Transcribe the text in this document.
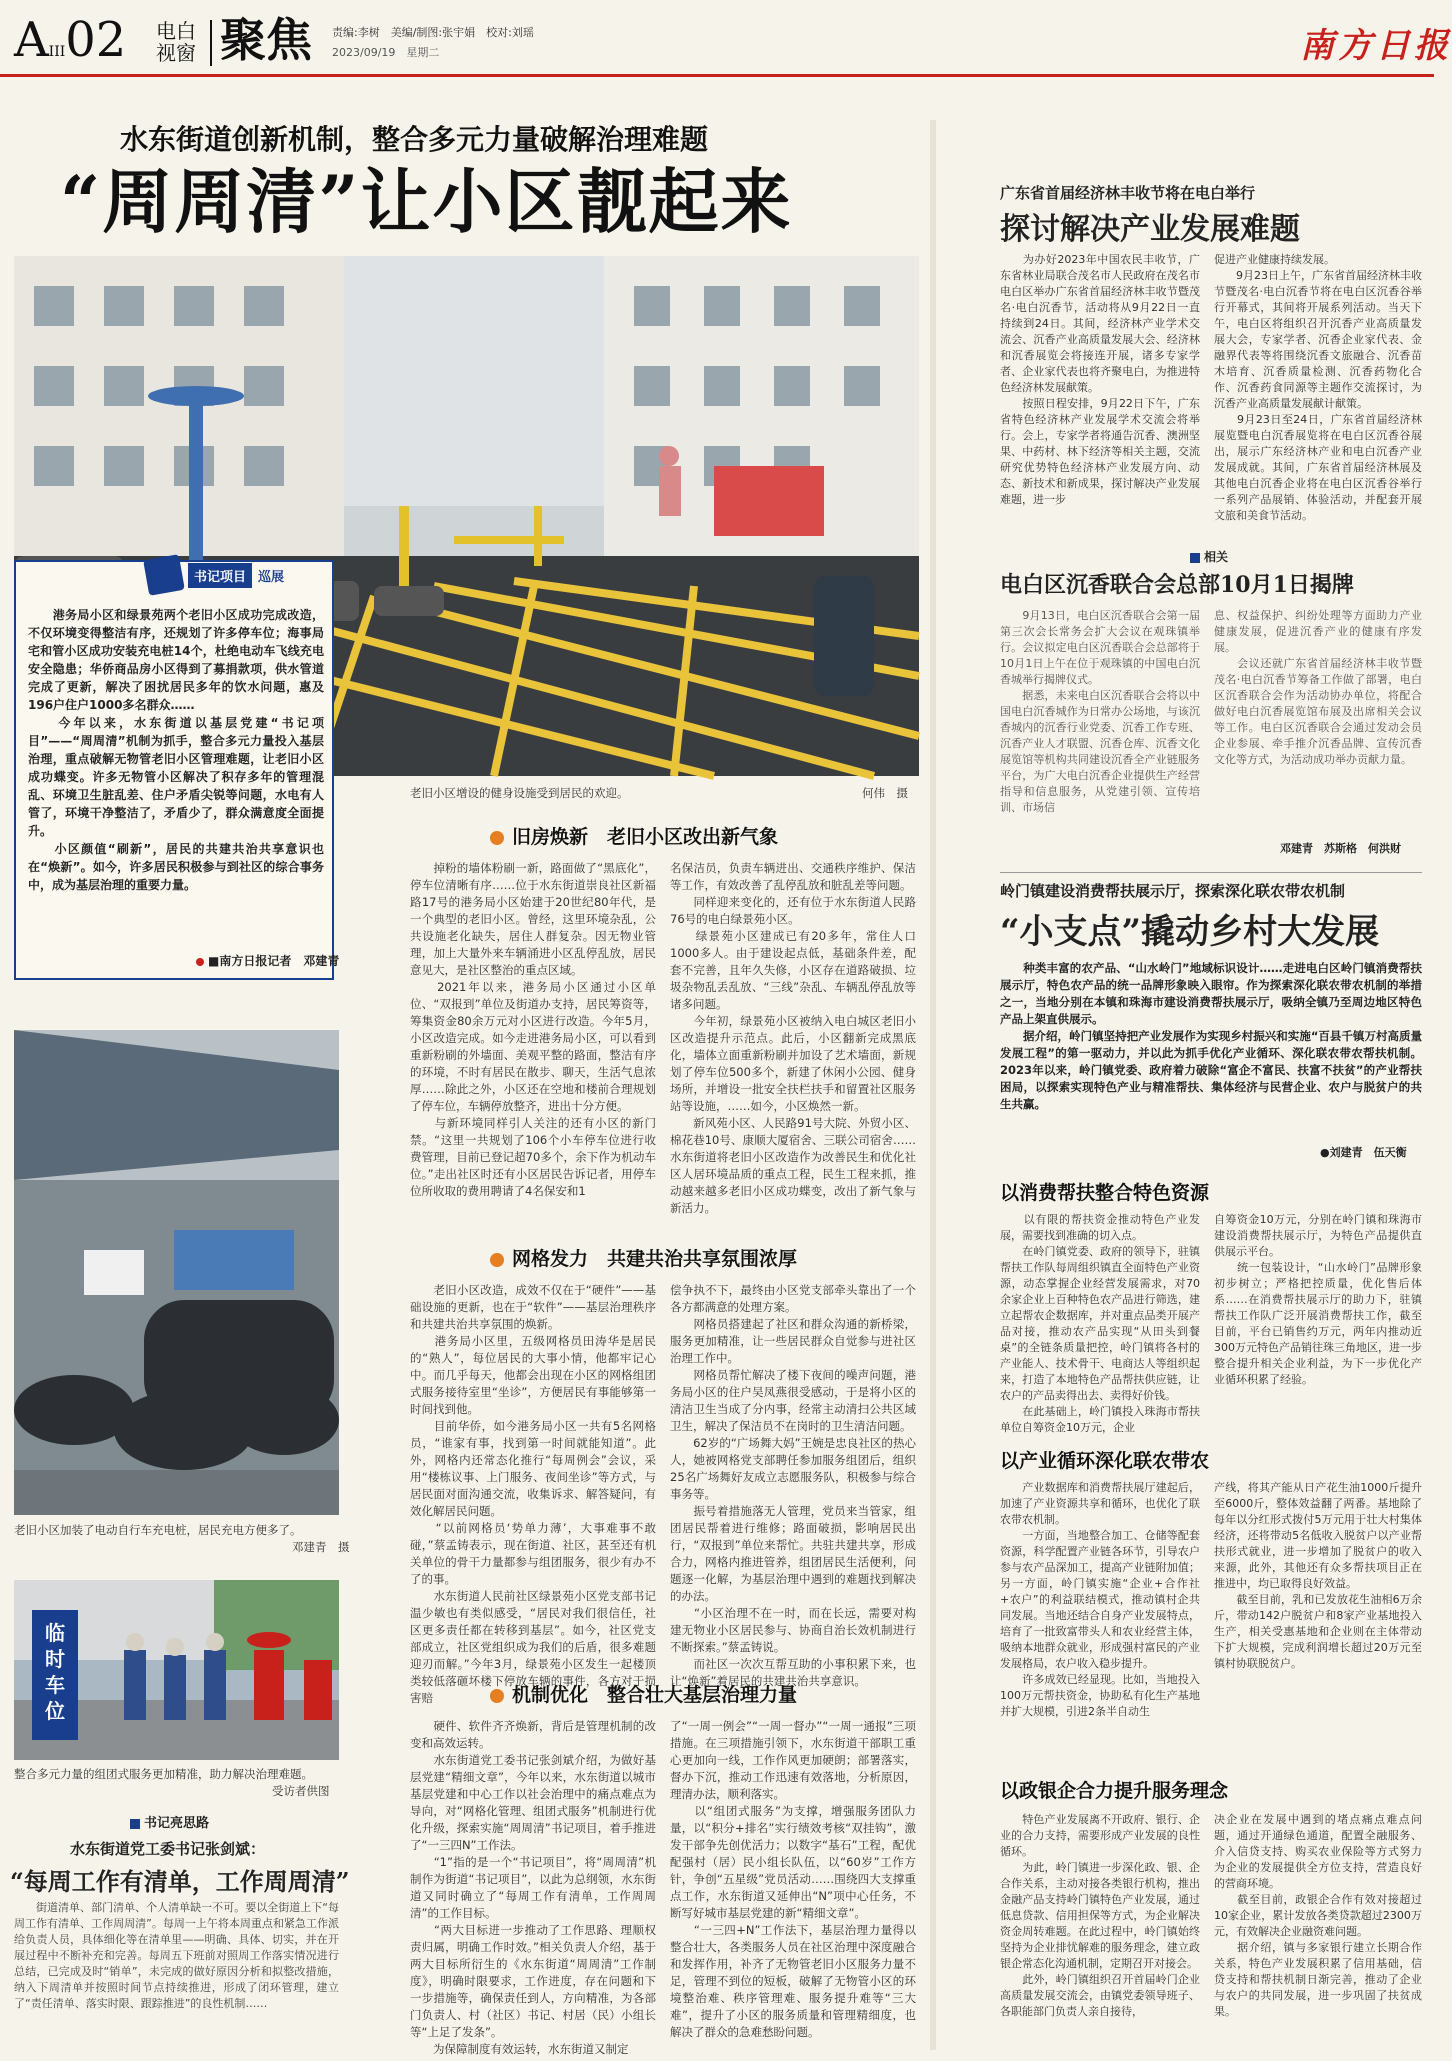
AIII02 电白
视窗 聚焦 责编:李树　美编/制图:张宇娟　校对:刘瑶
2023/09/19　星期二	南方日报
水东街道创新机制，整合多元力量破解治理难题
“周周清”让小区靓起来
老旧小区增设的健身设施受到居民的欢迎。	何伟　摄
书记项目 巡展
　　港务局小区和绿景苑两个老旧小区成功完成改造，不仅环境变得整洁有序，还规划了许多停车位；海事局宅和管小区成功安装充电桩14个，杜绝电动车飞线充电安全隐患；华侨商品房小区得到了募捐款项，供水管道完成了更新，解决了困扰居民多年的饮水问题，惠及196户住户1000多名群众……
　　今年以来，水东街道以基层党建“书记项目”——“周周清”机制为抓手，整合多元力量投入基层治理，重点破解无物管老旧小区管理难题，让老旧小区成功蝶变。许多无物管小区解决了积存多年的管理混乱、环境卫生脏乱差、住户矛盾尖锐等问题，水电有人管了，环境干净整洁了，矛盾少了，群众满意度全面提升。
　　小区颜值“刷新”，居民的共建共治共享意识也在“焕新”。如今，许多居民积极参与到社区的综合事务中，成为基层治理的重要力量。
■南方日报记者　邓建青
老旧小区加装了电动自行车充电桩，居民充电方便多了。
邓建青　摄
临时车位
整合多元力量的组团式服务更加精准，助力解决治理难题。
受访者供图
书记亮思路
水东街道党工委书记张剑斌：
“每周工作有清单，工作周周清”
　　街道清单、部门清单、个人清单缺一不可。要以全街道上下“每周工作有清单、工作周周清”。每周一上午将本周重点和紧急工作派给负责人员，具体细化等在清单里——明确、具体、切实，并在开展过程中不断补充和完善。每周五下班前对照周工作落实情况进行总结，已完成及时“销单”，未完成的做好原因分析和拟整改措施，纳入下周清单并按照时间节点持续推进，形成了闭环管理，建立了“责任清单、落实时限、跟踪推进”的良性机制……
旧房焕新　老旧小区改出新气象
　　掉粉的墙体粉刷一新，路面做了“黑底化”，停车位清晰有序……位于水东街道崇良社区新福路17号的港务局小区始建于20世纪80年代，是一个典型的老旧小区。曾经，这里环境杂乱，公共设施老化缺失，居住人群复杂。因无物业管理，加上大量外来车辆涌进小区乱停乱放，居民意见大，是社区整治的重点区域。
　　2021年以来，港务局小区通过小区单位、“双报到”单位及街道办支持，居民筹资等，筹集资金80余万元对小区进行改造。今年5月，小区改造完成。如今走进港务局小区，可以看到重新粉刷的外墙面、美观平整的路面，整洁有序的环境，不时有居民在散步、聊天，生活气息浓厚……除此之外，小区还在空地和楼前合理规划了停车位，车辆停放整齐，进出十分方便。
　　与新环境同样引人关注的还有小区的新门禁。“这里一共规划了106个小车停车位进行收费管理，目前已登记超70多个，余下作为机动车位。”走出社区时还有小区居民告诉记者，用停车位所收取的费用聘请了4名保安和1
名保洁员，负责车辆进出、交通秩序维护、保洁等工作，有效改善了乱停乱放和脏乱差等问题。
　　同样迎来变化的，还有位于水东街道人民路76号的电白绿景苑小区。
　　绿景苑小区建成已有20多年，常住人口1000多人。由于建设起点低，基础条件差，配套不完善，且年久失修，小区存在道路破损、垃圾杂物乱丢乱放、“三线”杂乱、车辆乱停乱放等诸多问题。
　　今年初，绿景苑小区被纳入电白城区老旧小区改造提升示范点。此后，小区翻新完成黑底化，墙体立面重新粉刷并加设了艺术墙面，新规划了停车位500多个，新建了休闲小公园、健身场所，并增设一批安全扶栏扶手和留置社区服务站等设施，……如今，小区焕然一新。
　　新风苑小区、人民路91号大院、外贸小区、棉花巷10号、康顺大厦宿舍、三联公司宿舍……水东街道将老旧小区改造作为改善民生和优化社区人居环境品质的重点工程，民生工程来抓，推动越来越多老旧小区成功蝶变，改出了新气象与新活力。
网格发力　共建共治共享氛围浓厚
　　老旧小区改造，成效不仅在于“硬件”——基础设施的更新，也在于“软件”——基层治理秩序和共建共治共享氛围的焕新。
　　港务局小区里，五级网格员田涛华是居民的“熟人”，每位居民的大事小情，他都牢记心中。而几乎每天，他都会出现在小区的网格组团式服务接待室里“坐诊”，方便居民有事能够第一时间找到他。
　　目前华侨，如今港务局小区一共有5名网格员，“谁家有事，找到第一时间就能知道”。此外，网格内还常态化推行“每周例会”会议，采用“楼栋议事、上门服务、夜间坐诊”等方式，与居民面对面沟通交流，收集诉求、解答疑问，有效化解居民问题。
　　“以前网格员‘势单力薄’，大事难事不敢碰，”蔡孟铸表示，现在街道、社区，甚至还有机关单位的骨干力量都参与组团服务，很少有办不了的事。
　　水东街道人民前社区绿景苑小区党支部书记温少敏也有类似感受，“居民对我们很信任，社区更多责任都在转移到基层”。如今，社区党支部成立，社区党组织成为我们的后盾，很多难题迎刃而解。”今年3月，绿景苑小区发生一起楼顶类较低落砸坏楼下停放车辆的事件，各方对于损害赔
偿争执不下，最终由小区党支部牵头靠出了一个各方都满意的处理方案。
　　网格员搭建起了社区和群众沟通的新桥梁，服务更加精准，让一些居民群众自觉参与进社区治理工作中。
　　网格员帮忙解决了楼下夜间的噪声问题，港务局小区的住户吴凤燕很受感动，于是将小区的清洁卫生当成了分内事，经常主动清扫公共区域卫生，解决了保洁员不在岗时的卫生清洁问题。
　　62岁的“广场舞大妈”王婉是忠良社区的热心人，她被网格党支部聘任参加服务组团后，组织25名广场舞好友成立志愿服务队，积极参与综合事务等。
　　振号着措施落无人管理，党员来当管家，组团居民帮着进行维修；路面破损，影响居民出行，“双报到”单位来帮忙。共驻共建共享，形成合力，网格内推进管养，组团居民生活便利，问题逐一化解，为基层治理中遇到的难题找到解决的办法。
　　“小区治理不在一时，而在长远，需要对构建无物业小区居民参与、协商自治长效机制进行不断探索。”蔡孟铸说。
　　而社区一次次互帮互助的小事积累下来，也让“焕新”着居民的共建共治共享意识。
机制优化　整合壮大基层治理力量
　　硬件、软件齐齐焕新，背后是管理机制的改变和高效运转。
　　水东街道党工委书记张剑斌介绍，为做好基层党建“精细文章”，今年以来，水东街道以城市基层党建和中心工作以社会治理中的痛点难点为导向，对“网格化管理、组团式服务”机制进行优化升级，探索实施“周周清”书记项目，着手推进了“一三四N”工作法。
　　“1”指的是一个“书记项目”，将“周周清”机制作为街道“书记项目”，以此为总纲领，水东街道又同时确立了“每周工作有清单，工作周周清”的工作目标。
　　“两大目标进一步推动了工作思路、理顺权责归属，明确工作时效。”相关负责人介绍，基于两大目标所衍生的《水东街道“周周清”工作制度》，明确时限要求，工作进度，存在问题和下一步措施等，确保责任到人，方向精准，为各部门负责人、村（社区）书记、村居（民）小组长等“上足了发条”。
　　为保障制度有效运转，水东街道又制定
了“一周一例会”“一周一督办”“一周一通报”三项措施。在三项措施引领下，水东街道干部职工重心更加向一线，工作作风更加硬朗；部署落实，督办下沉，推动工作迅速有效落地，分析原因，理清办法，顺利落实。
　　以“组团式服务”为支撑，增强服务团队力量，以“积分+排名”实行绩效考核“双挂钩”，激发干部争先创优活力；以数字“基石”工程，配优配强村（居）民小组长队伍，以“60岁”工作方针，争创“五星级”党员活动……围绕四大支撑重点工作，水东街道又延伸出“N”项中心任务，不断写好城市基层党建的新“精细文章”。
　　“一三四+N”工作法下，基层治理力量得以整合壮大，各类服务人员在社区治理中深度融合和发挥作用，补齐了无物管老旧小区服务力量不足，管理不到位的短板，破解了无物管小区的环境整治难、秩序管理难、服务提升难等“三大难”，提升了小区的服务质量和管理精细度，也解决了群众的急难愁盼问题。
广东省首届经济林丰收节将在电白举行
探讨解决产业发展难题
　　为办好2023年中国农民丰收节，广东省林业局联合茂名市人民政府在茂名市电白区举办广东省首届经济林丰收节暨茂名·电白沉香节，活动将从9月22日一直持续到24日。其间，经济林产业学术交流会、沉香产业高质量发展大会、经济林和沉香展览会将接连开展，诸多专家学者、企业家代表也将齐聚电白，为推进特色经济林发展献策。
　　按照日程安排，9月22日下午，广东省特色经济林产业发展学术交流会将举行。会上，专家学者将通告沉香、澳洲坚果、中药材、林下经济等相关主题，交流研究优势特色经济林产业发展方向、动态、新技术和新成果，探讨解决产业发展难题，进一步
促进产业健康持续发展。
　　9月23日上午，广东省首届经济林丰收节暨茂名·电白沉香节将在电白区沉香谷举行开幕式，其间将开展系列活动。当天下午，电白区将组织召开沉香产业高质量发展大会，专家学者、沉香企业家代表、金融界代表等将围绕沉香文旅融合、沉香苗木培育、沉香质量检测、沉香药物化合作、沉香药食同源等主题作交流探讨，为沉香产业高质量发展献计献策。
　　9月23日至24日，广东省首届经济林展览暨电白沉香展览将在电白区沉香谷展出，展示广东经济林产业和电白沉香产业发展成就。其间，广东省首届经济林展及其他电白沉香企业将在电白区沉香谷举行一系列产品展销、体验活动，并配套开展文旅和美食节活动。
相关
电白区沉香联合会总部10月1日揭牌
　　9月13日，电白区沉香联合会第一届第三次会长常务会扩大会议在观珠镇举行。会议拟定电白区沉香联合会总部将于10月1日上午在位于观珠镇的中国电白沉香城举行揭牌仪式。
　　据悉，未来电白区沉香联合会将以中国电白沉香城作为日常办公场地，与该沉香城内的沉香行业党委、沉香工作专班、沉香产业人才联盟、沉香仓库、沉香文化展览馆等机构共同建设沉香全产业链服务平台，为广大电白沉香企业提供生产经营指导和信息服务，从党建引领、宣传培训、市场信
息、权益保护、纠纷处理等方面助力产业健康发展，促进沉香产业的健康有序发展。
　　会议还就广东省首届经济林丰收节暨茂名·电白沉香节筹备工作做了部署，电白区沉香联合会作为活动协办单位，将配合做好电白沉香展览馆布展及出席相关会议等工作。电白区沉香联合会通过发动会员企业参展、牵手推介沉香品牌、宣传沉香文化等方式，为活动成功举办贡献力量。
邓建青　苏斯格　何洪财
岭门镇建设消费帮扶展示厅，探索深化联农带农机制
“小支点”撬动乡村大发展
　　种类丰富的农产品、“山水岭门”地域标识设计……走进电白区岭门镇消费帮扶展示厅，特色农产品的统一品牌形象映入眼帘。作为探索深化联农带农机制的举措之一，当地分别在本镇和珠海市建设消费帮扶展示厅，吸纳全镇乃至周边地区特色产品上架直供展示。
　　据介绍，岭门镇坚持把产业发展作为实现乡村振兴和实施“百县千镇万村高质量发展工程”的第一驱动力，并以此为抓手优化产业循环、深化联农带农帮扶机制。2023年以来，岭门镇党委、政府着力破除“富企不富民、扶富不扶贫”的产业帮扶困局，以探索实现特色产业与精准帮扶、集体经济与民营企业、农户与脱贫户的共生共赢。
●刘建青　伍天衡
以消费帮扶整合特色资源
　　以有限的帮扶资金推动特色产业发展，需要找到准确的切入点。
　　在岭门镇党委、政府的领导下，驻镇帮扶工作队每周组织镇直全面特色产业资源，动态掌握企业经营发展需求，对70余家企业上百种特色农产品进行筛选，建立起帮农企数据库，并对重点品类开展产品对接，推动农产品实现“从田头到餐桌”的全链条质量把控，岭门镇将各村的产业能人、技术骨干、电商达人等组织起来，打造了本地特色产品帮扶供应链，让农户的产品卖得出去、卖得好价钱。
　　在此基础上，岭门镇投入珠海市帮扶单位自筹资金10万元，企业
自筹资金10万元，分别在岭门镇和珠海市建设消费帮扶展示厅，为特色产品提供直供展示平台。
　　统一包装设计，“山水岭门”品牌形象初步树立；严格把控质量，优化售后体系……在消费帮扶展示厅的助力下，驻镇帮扶工作队广泛开展消费帮扶工作，截至目前，平台已销售约万元，两年内推动近300万元特色产品销往珠三角地区，进一步整合提升相关企业利益，为下一步优化产业循环积累了经验。
以产业循环深化联农带农
　　产业数据库和消费帮扶展厅建起后，加速了产业资源共享和循环，也优化了联农带农机制。
　　一方面，当地整合加工、仓储等配套资源，科学配置产业链各环节，引导农户参与农产品深加工，提高产业链附加值；另一方面，岭门镇实施“企业+合作社+农户”的利益联结模式，推动镇村企共同发展。当地还结合自身产业发展特点，培育了一批致富带头人和农业经营主体，吸纳本地群众就业，形成强村富民的产业发展格局，农户收入稳步提升。
　　许多成效已经显现。比如，当地投入100万元帮扶资金，协助私有化生产基地并扩大规模，引进2条半自动生
产线，将其产能从日产花生油1000斤提升至6000斤，整体效益翻了两番。基地除了每年以分红形式拨付5万元用于壮大村集体经济，还将带动5名低收入脱贫户以产业帮扶形式就业，进一步增加了脱贫户的收入来源，此外，其他还有众多帮扶项目正在推进中，均已取得良好效益。
　　截至目前，乳和已发放花生油相6万余斤，带动142户脱贫户和8家产业基地投入生产，相关受惠基地和企业则在主体带动下扩大规模，完成利润增长超过20万元至镇村协联脱贫户。
以政银企合力提升服务理念
　　特色产业发展离不开政府、银行、企业的合力支持，需要形成产业发展的良性循环。
　　为此，岭门镇进一步深化政、银、企合作关系，主动对接各类银行机构，推出金融产品支持岭门镇特色产业发展，通过低息贷款、信用担保等方式，为企业解决资金周转难题。在此过程中，岭门镇始终坚持为企业排忧解难的服务理念，建立政银企常态化沟通机制，定期召开对接会。
　　此外，岭门镇组织召开首届岭门企业高质量发展交流会，由镇党委领导班子、各职能部门负责人亲自接待，
决企业在发展中遇到的堵点痛点难点问题，通过开通绿色通道，配置全融服务、介入信贷支持、购买农业保险等方式努力为企业的发展提供全方位支持，营造良好的营商环境。
　　截至目前，政银企合作有效对接超过10家企业，累计发放各类贷款超过2300万元，有效解决企业融资难问题。
　　据介绍，镇与多家银行建立长期合作关系，特色产业发展积累了信用基础，信贷支持和帮扶机制日渐完善，推动了企业与农户的共同发展，进一步巩固了扶贫成果。
